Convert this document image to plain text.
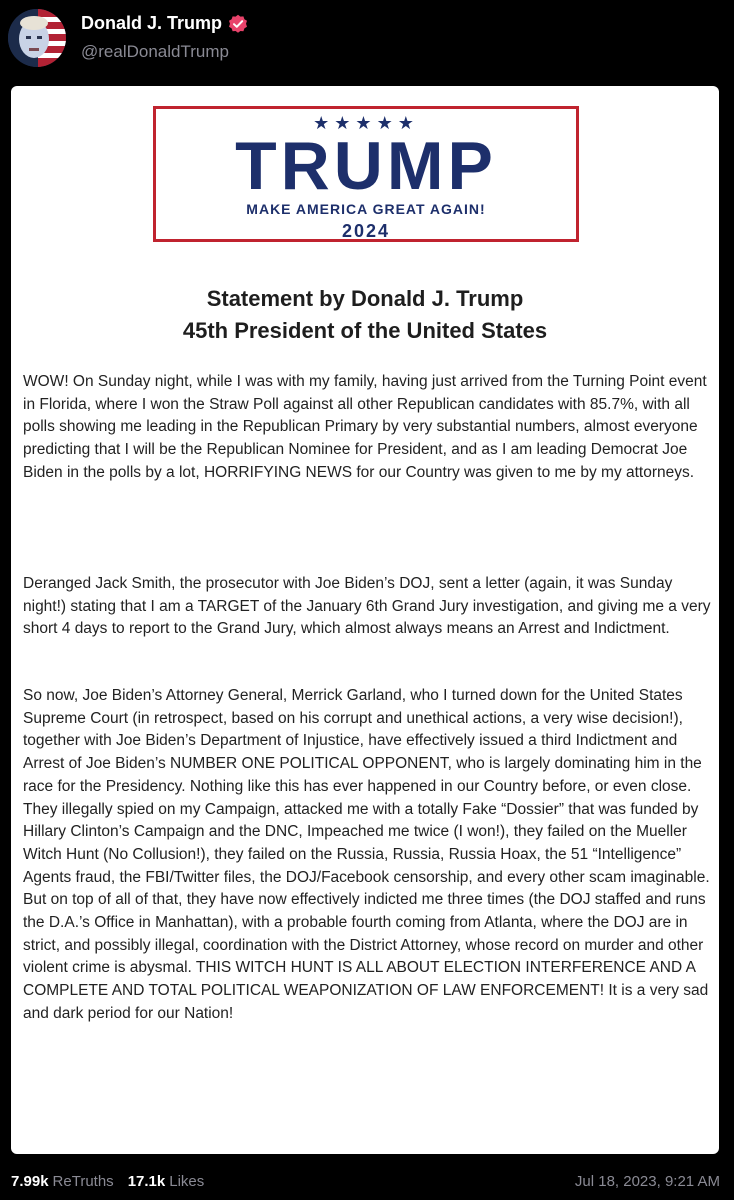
Donald J. Trump
@realDonaldTrump
★★★★★
TRUMP
MAKE AMERICA GREAT AGAIN!
2024
Statement by Donald J. Trump
45th President of the United States

WOW! On Sunday night, while I was with my family, having just arrived from the Turning Point event in Florida, where I won the Straw Poll against all other Republican candidates with 85.7%, with all polls showing me leading in the Republican Primary by very substantial numbers, almost everyone predicting that I will be the Republican Nominee for President, and as I am leading Democrat Joe Biden in the polls by a lot, HORRIFYING NEWS for our Country was given to me by my attorneys.

Deranged Jack Smith, the prosecutor with Joe Biden’s DOJ, sent a letter (again, it was Sunday night!) stating that I am a TARGET of the January 6th Grand Jury investigation, and giving me a very short 4 days to report to the Grand Jury, which almost always means an Arrest and Indictment.

So now, Joe Biden’s Attorney General, Merrick Garland, who I turned down for the United States Supreme Court (in retrospect, based on his corrupt and unethical actions, a very wise decision!), together with Joe Biden’s Department of Injustice, have effectively issued a third Indictment and Arrest of Joe Biden’s NUMBER ONE POLITICAL OPPONENT, who is largely dominating him in the race for the Presidency. Nothing like this has ever happened in our Country before, or even close. They illegally spied on my Campaign, attacked me with a totally Fake “Dossier” that was funded by Hillary Clinton’s Campaign and the DNC, Impeached me twice (I won!), they failed on the Mueller Witch Hunt (No Collusion!), they failed on the Russia, Russia, Russia Hoax, the 51 “Intelligence” Agents fraud, the FBI/Twitter files, the DOJ/Facebook censorship, and every other scam imaginable. But on top of all of that, they have now effectively indicted me three times (the DOJ staffed and runs the D.A.’s Office in Manhattan), with a probable fourth coming from Atlanta, where the DOJ are in strict, and possibly illegal, coordination with the District Attorney, whose record on murder and other violent crime is abysmal. THIS WITCH HUNT IS ALL ABOUT ELECTION INTERFERENCE AND A COMPLETE AND TOTAL POLITICAL WEAPONIZATION OF LAW ENFORCEMENT! It is a very sad and dark period for our Nation!

7.99k ReTruths 17.1k Likes	Jul 18, 2023, 9:21 AM
